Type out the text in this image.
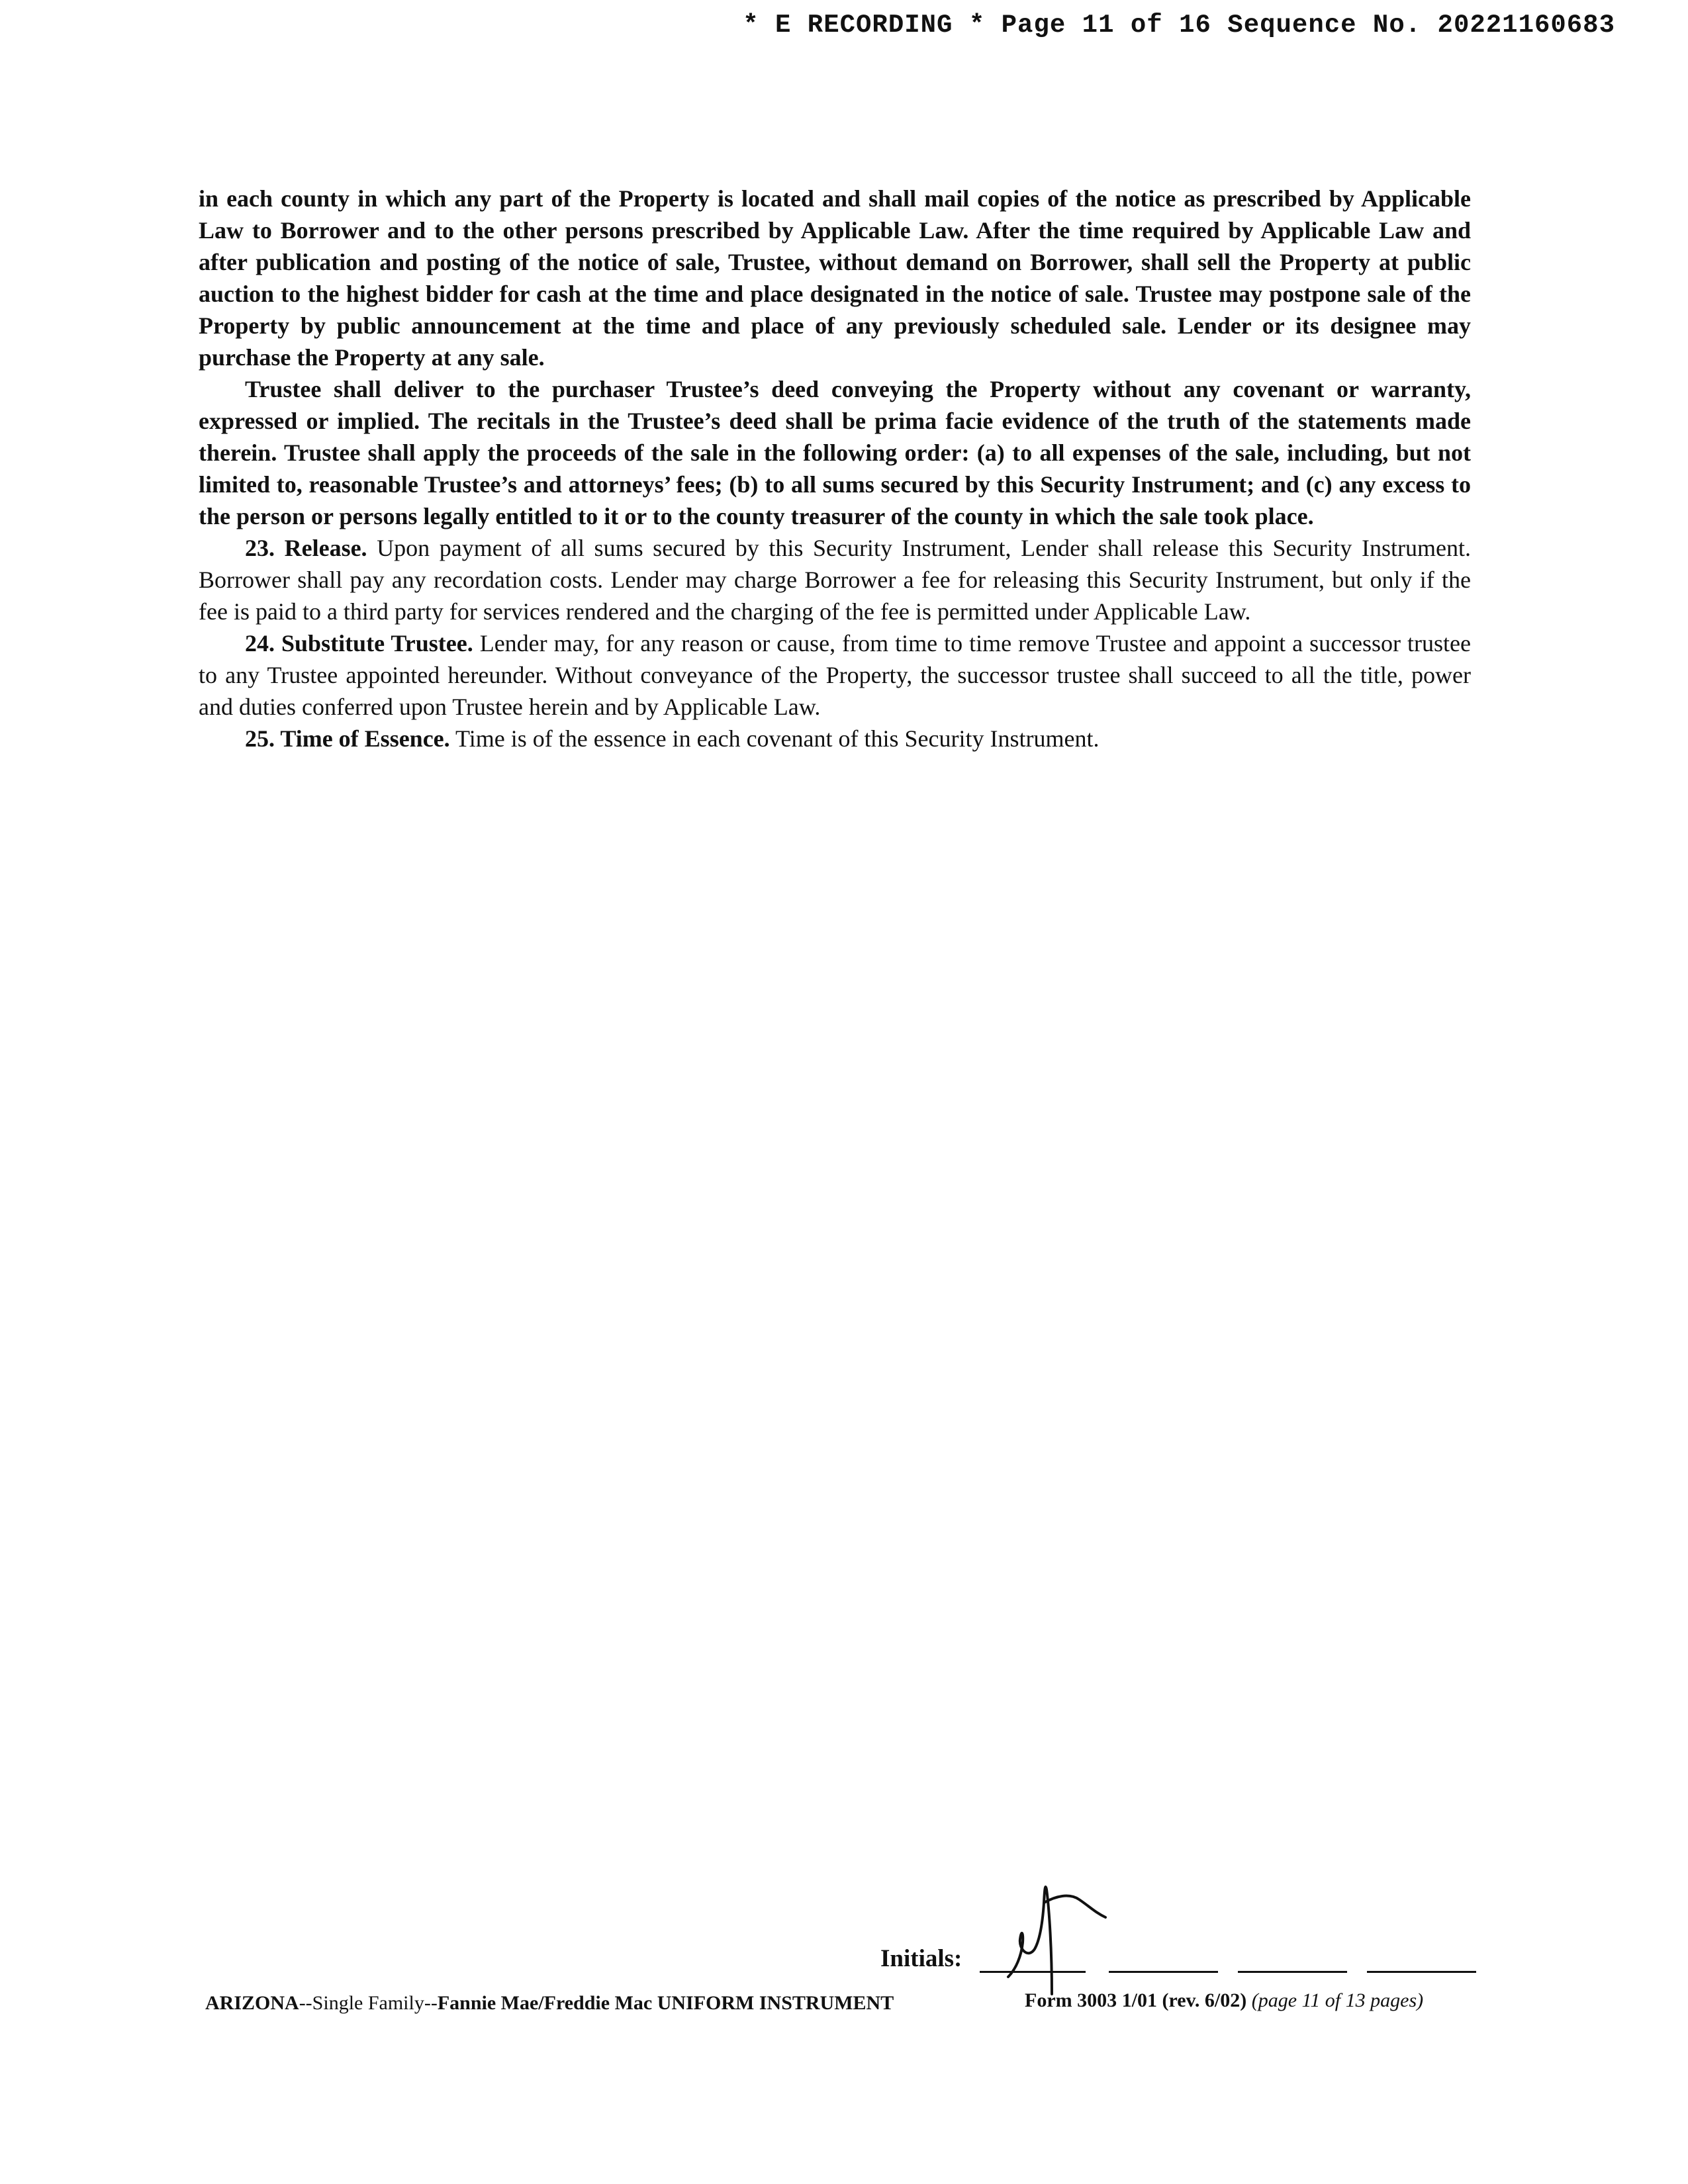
* E RECORDING * Page 11 of 16 Sequence No. 20221160683

in each county in which any part of the Property is located and shall mail copies of the notice as prescribed by Applicable Law to Borrower and to the other persons prescribed by Applicable Law. After the time required by Applicable Law and after publication and posting of the notice of sale, Trustee, without demand on Borrower, shall sell the Property at public auction to the highest bidder for cash at the time and place designated in the notice of sale. Trustee may postpone sale of the Property by public announcement at the time and place of any previously scheduled sale. Lender or its designee may purchase the Property at any sale.

Trustee shall deliver to the purchaser Trustee’s deed conveying the Property without any covenant or warranty, expressed or implied. The recitals in the Trustee’s deed shall be prima facie evidence of the truth of the statements made therein. Trustee shall apply the proceeds of the sale in the following order: (a) to all expenses of the sale, including, but not limited to, reasonable Trustee’s and attorneys’ fees; (b) to all sums secured by this Security Instrument; and (c) any excess to the person or persons legally entitled to it or to the county treasurer of the county in which the sale took place.

23. Release. Upon payment of all sums secured by this Security Instrument, Lender shall release this Security Instrument. Borrower shall pay any recordation costs. Lender may charge Borrower a fee for releasing this Security Instrument, but only if the fee is paid to a third party for services rendered and the charging of the fee is permitted under Applicable Law.

24. Substitute Trustee. Lender may, for any reason or cause, from time to time remove Trustee and appoint a successor trustee to any Trustee appointed hereunder. Without conveyance of the Property, the successor trustee shall succeed to all the title, power and duties conferred upon Trustee herein and by Applicable Law.

25. Time of Essence. Time is of the essence in each covenant of this Security Instrument.

Initials:
ARIZONA--Single Family--Fannie Mae/Freddie Mac UNIFORM INSTRUMENT	Form 3003 1/01 (rev. 6/02) (page 11 of 13 pages)
